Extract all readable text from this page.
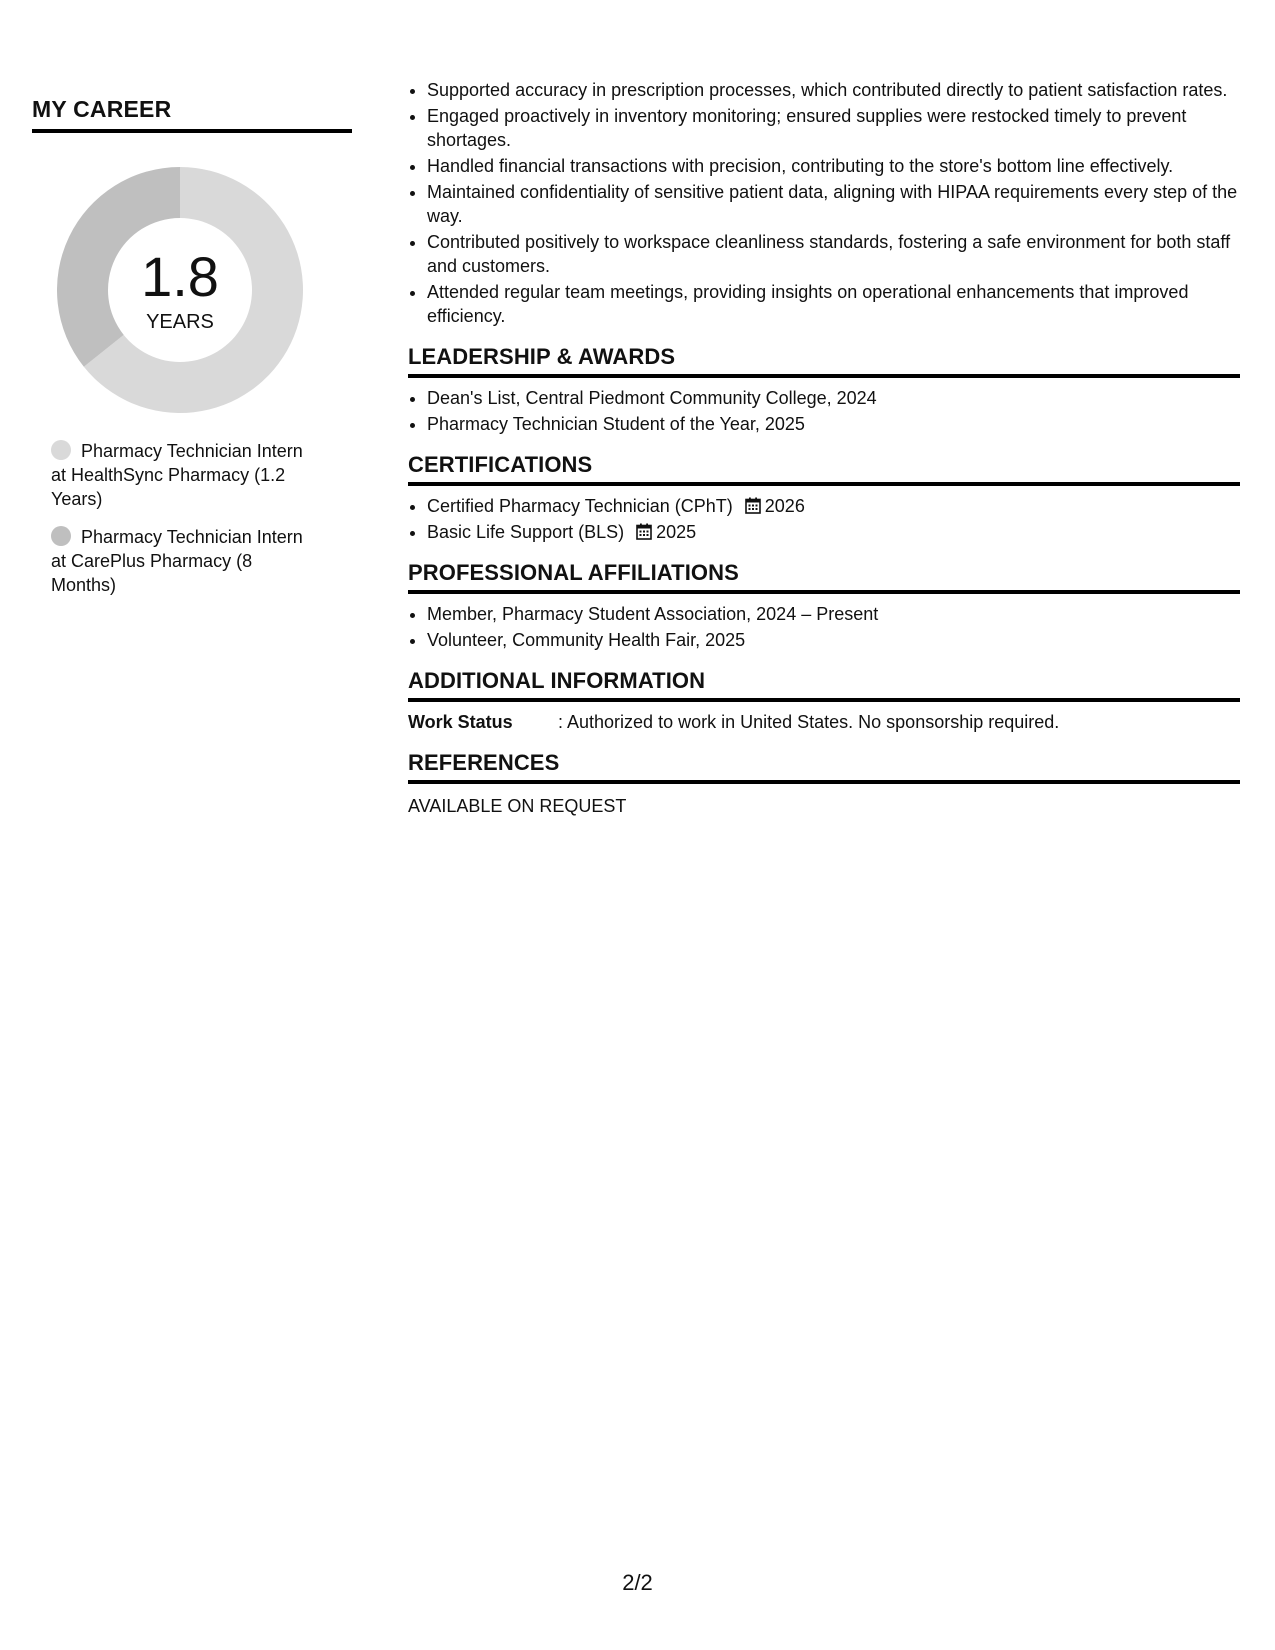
MY CAREER
1.8
YEARS
Pharmacy Technician Intern at HealthSync Pharmacy (1.2 Years)
Pharmacy Technician Intern at CarePlus Pharmacy (8 Months)
• Supported accuracy in prescription processes, which contributed directly to patient satisfaction rates.
• Engaged proactively in inventory monitoring; ensured supplies were restocked timely to prevent shortages.
• Handled financial transactions with precision, contributing to the store's bottom line effectively.
• Maintained confidentiality of sensitive patient data, aligning with HIPAA requirements every step of the way.
• Contributed positively to workspace cleanliness standards, fostering a safe environment for both staff and customers.
• Attended regular team meetings, providing insights on operational enhancements that improved efficiency.
LEADERSHIP & AWARDS
• Dean's List, Central Piedmont Community College, 2024
• Pharmacy Technician Student of the Year, 2025
CERTIFICATIONS
• Certified Pharmacy Technician (CPhT) 2026
• Basic Life Support (BLS) 2025
PROFESSIONAL AFFILIATIONS
• Member, Pharmacy Student Association, 2024 – Present
• Volunteer, Community Health Fair, 2025
ADDITIONAL INFORMATION
Work Status	: Authorized to work in United States. No sponsorship required.
REFERENCES
AVAILABLE ON REQUEST
2/2
